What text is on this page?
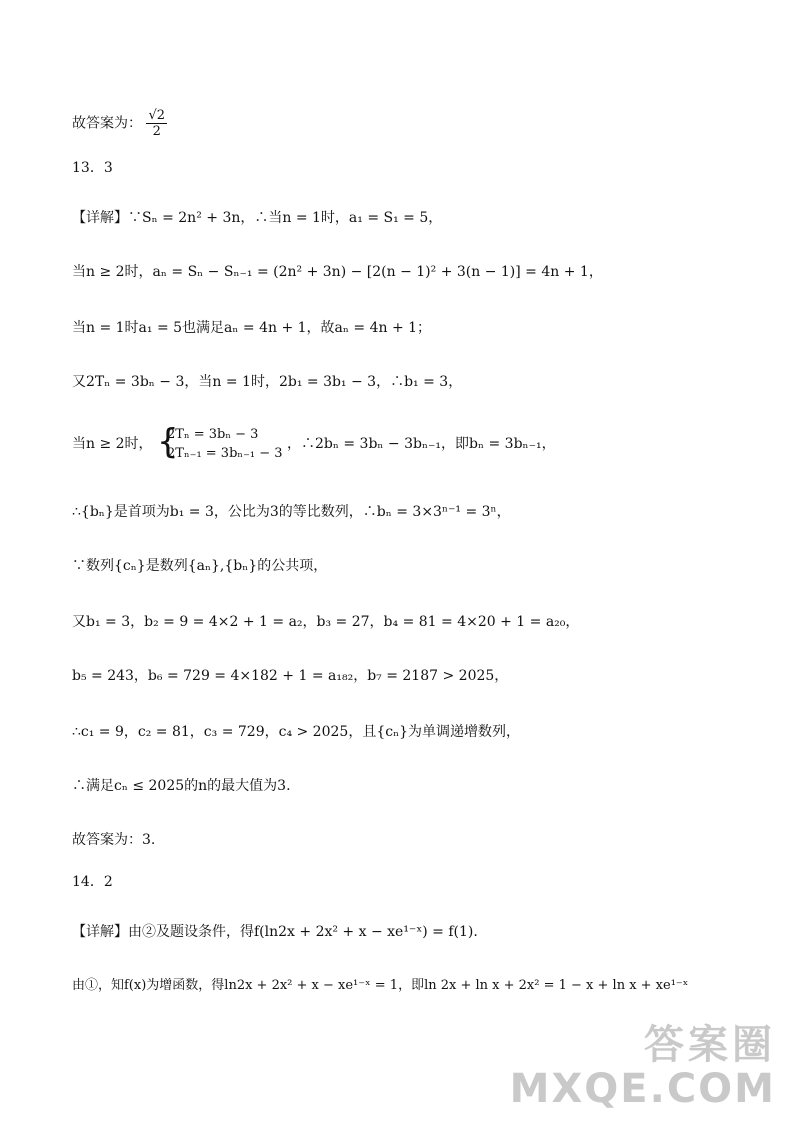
故答案为： $\frac{√2}{2}$
13．3
【详解】∵Sₙ = 2n² + 3n，∴当n = 1时，a₁ = S₁ = 5，
当n ≥ 2时，aₙ = Sₙ − Sₙ₋₁ = (2n² + 3n) − [2(n − 1)² + 3(n − 1)] = 4n + 1，
当n = 1时a₁ = 5也满足aₙ = 4n + 1，故aₙ = 4n + 1；
又2Tₙ = 3bₙ − 3，当n = 1时，2b₁ = 3b₁ − 3，∴b₁ = 3，
当n ≥ 2时， {
2Tₙ = 3bₙ − 3
2Tₙ₋₁ = 3bₙ₋₁ − 3
，∴2bₙ = 3bₙ − 3bₙ₋₁，即bₙ = 3bₙ₋₁，
∴{bₙ}是首项为b₁ = 3，公比为3的等比数列，∴bₙ = 3×3ⁿ⁻¹ = 3ⁿ，
∵数列{cₙ}是数列{aₙ},{bₙ}的公共项，
又b₁ = 3，b₂ = 9 = 4×2 + 1 = a₂，b₃ = 27，b₄ = 81 = 4×20 + 1 = a₂₀，
b₅ = 243，b₆ = 729 = 4×182 + 1 = a₁₈₂，b₇ = 2187 > 2025，
∴c₁ = 9，c₂ = 81，c₃ = 729，c₄ > 2025，且{cₙ}为单调递增数列，
∴满足cₙ ≤ 2025的n的最大值为3.
故答案为：3.
14．2
【详解】由②及题设条件，得f(ln2x + 2x² + x − xe¹⁻ˣ) = f(1).
由①，知f(x)为增函数，得ln2x + 2x² + x − xe¹⁻ˣ = 1，即ln 2x + ln x + 2x² = 1 − x + ln x + xe¹⁻ˣ
答案圈
MXQE.COM
